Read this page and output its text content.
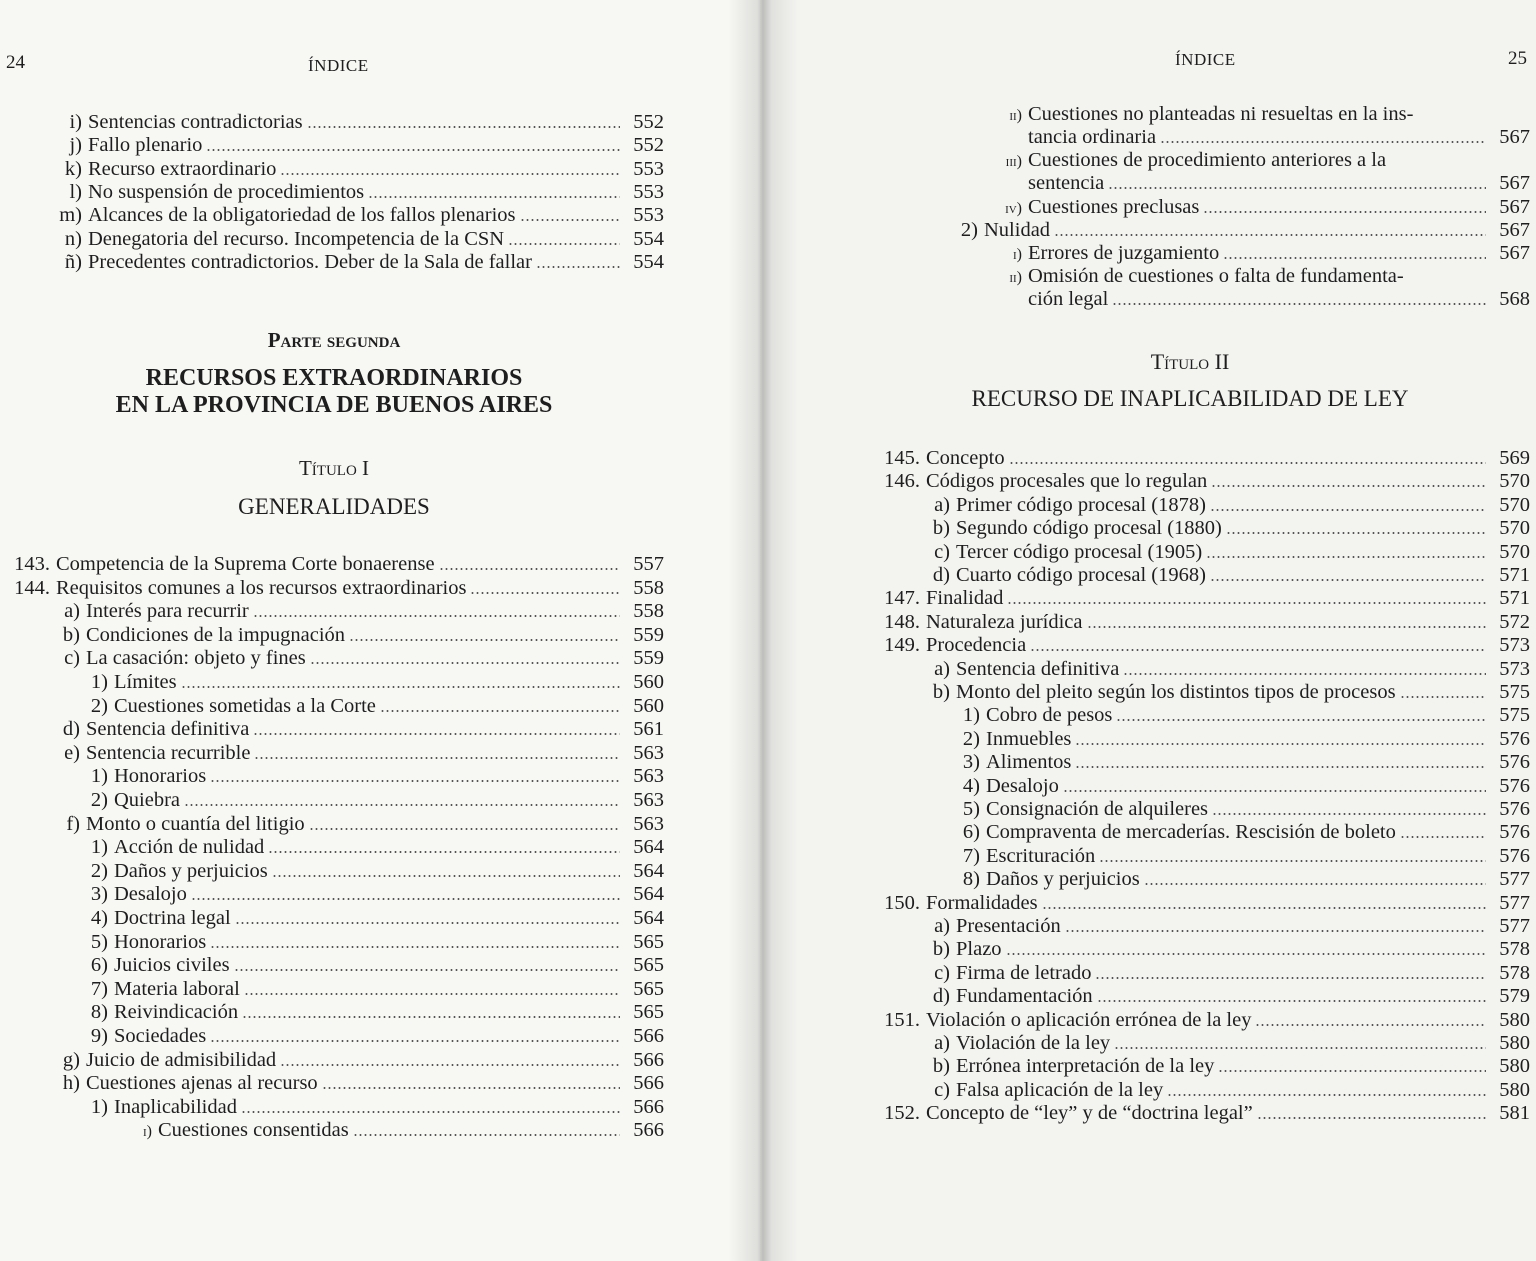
24	ÍNDICE
i) Sentencias contradictorias	552
j) Fallo plenario	552
k) Recurso extraordinario	553
l) No suspensión de procedimientos	553
m) Alcances de la obligatoriedad de los fallos plenarios	553
n) Denegatoria del recurso. Incompetencia de la CSN	554
ñ) Precedentes contradictorios. Deber de la Sala de fallar	554
Parte segunda
RECURSOS EXTRAORDINARIOS
EN LA PROVINCIA DE BUENOS AIRES
Título I
GENERALIDADES
143. Competencia de la Suprema Corte bonaerense	557
144. Requisitos comunes a los recursos extraordinarios	558
a) Interés para recurrir	558
b) Condiciones de la impugnación	559
c) La casación: objeto y fines	559
1) Límites	560
2) Cuestiones sometidas a la Corte	560
d) Sentencia definitiva	561
e) Sentencia recurrible	563
1) Honorarios	563
2) Quiebra	563
f) Monto o cuantía del litigio	563
1) Acción de nulidad	564
2) Daños y perjuicios	564
3) Desalojo	564
4) Doctrina legal	564
5) Honorarios	565
6) Juicios civiles	565
7) Materia laboral	565
8) Reivindicación	565
9) Sociedades	566
g) Juicio de admisibilidad	566
h) Cuestiones ajenas al recurso	566
1) Inaplicabilidad	566
i) Cuestiones consentidas	566
ÍNDICE	25
ii) Cuestiones no planteadas ni resueltas en la ins-
tancia ordinaria	567
iii) Cuestiones de procedimiento anteriores a la
sentencia	567
iv) Cuestiones preclusas	567
2) Nulidad	567
i) Errores de juzgamiento	567
ii) Omisión de cuestiones o falta de fundamenta-
ción legal	568
Título II
RECURSO DE INAPLICABILIDAD DE LEY
145. Concepto	569
146. Códigos procesales que lo regulan	570
a) Primer código procesal (1878)	570
b) Segundo código procesal (1880)	570
c) Tercer código procesal (1905)	570
d) Cuarto código procesal (1968)	571
147. Finalidad	571
148. Naturaleza jurídica	572
149. Procedencia	573
a) Sentencia definitiva	573
b) Monto del pleito según los distintos tipos de procesos	575
1) Cobro de pesos	575
2) Inmuebles	576
3) Alimentos	576
4) Desalojo	576
5) Consignación de alquileres	576
6) Compraventa de mercaderías. Rescisión de boleto	576
7) Escrituración	576
8) Daños y perjuicios	577
150. Formalidades	577
a) Presentación	577
b) Plazo	578
c) Firma de letrado	578
d) Fundamentación	579
151. Violación o aplicación errónea de la ley	580
a) Violación de la ley	580
b) Errónea interpretación de la ley	580
c) Falsa aplicación de la ley	580
152. Concepto de “ley” y de “doctrina legal”	581
